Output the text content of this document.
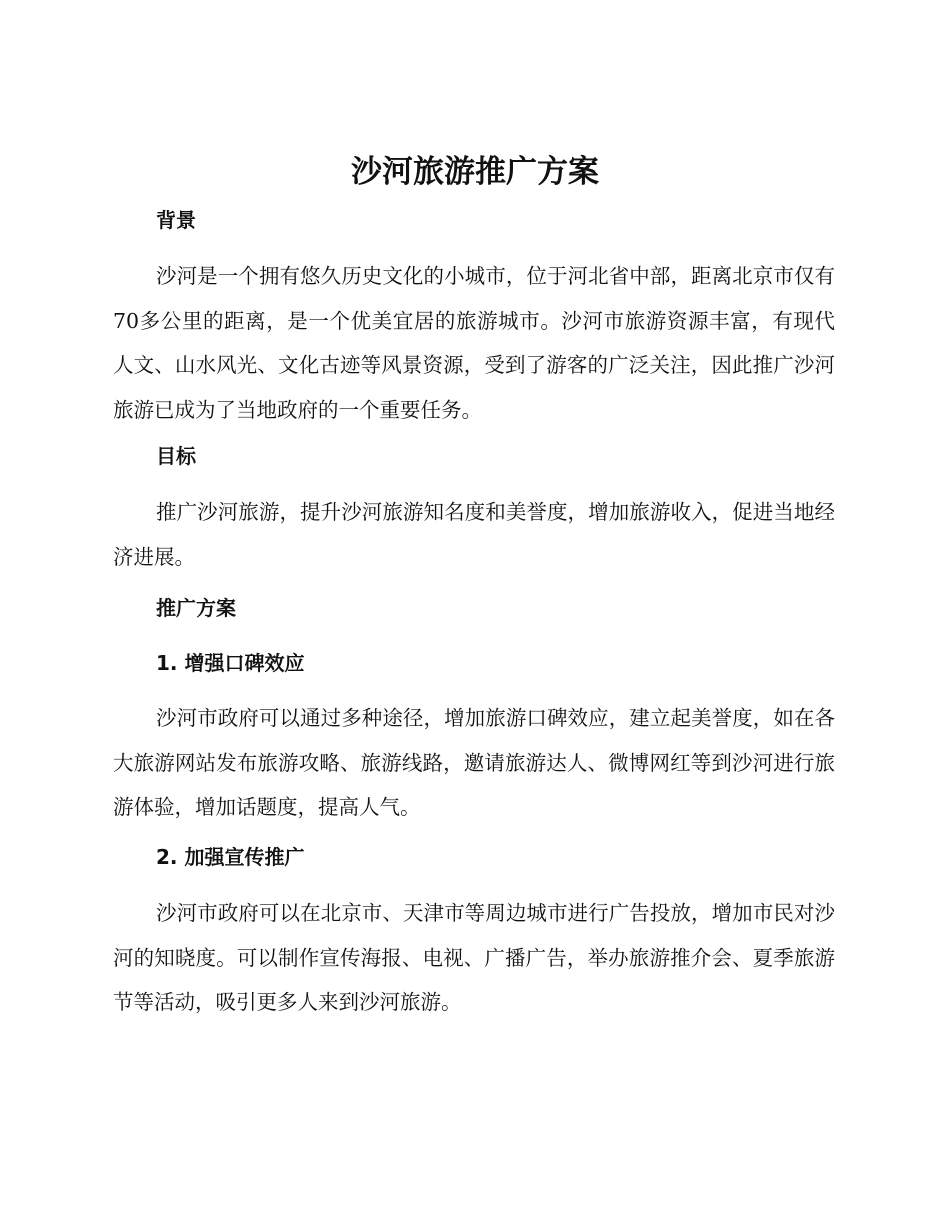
沙河旅游推广方案
背景

沙河是一个拥有悠久历史文化的小城市，位于河北省中部，距离北京市仅有70多公里的距离，是一个优美宜居的旅游城市。沙河市旅游资源丰富，有现代人文、山水风光、文化古迹等风景资源，受到了游客的广泛关注，因此推广沙河旅游已成为了当地政府的一个重要任务。

目标

推广沙河旅游，提升沙河旅游知名度和美誉度，增加旅游收入，促进当地经济进展。

推广方案
1. 增强口碑效应

沙河市政府可以通过多种途径，增加旅游口碑效应，建立起美誉度，如在各大旅游网站发布旅游攻略、旅游线路，邀请旅游达人、微博网红等到沙河进行旅游体验，增加话题度，提高人气。

2. 加强宣传推广

沙河市政府可以在北京市、天津市等周边城市进行广告投放，增加市民对沙河的知晓度。可以制作宣传海报、电视、广播广告，举办旅游推介会、夏季旅游节等活动，吸引更多人来到沙河旅游。
